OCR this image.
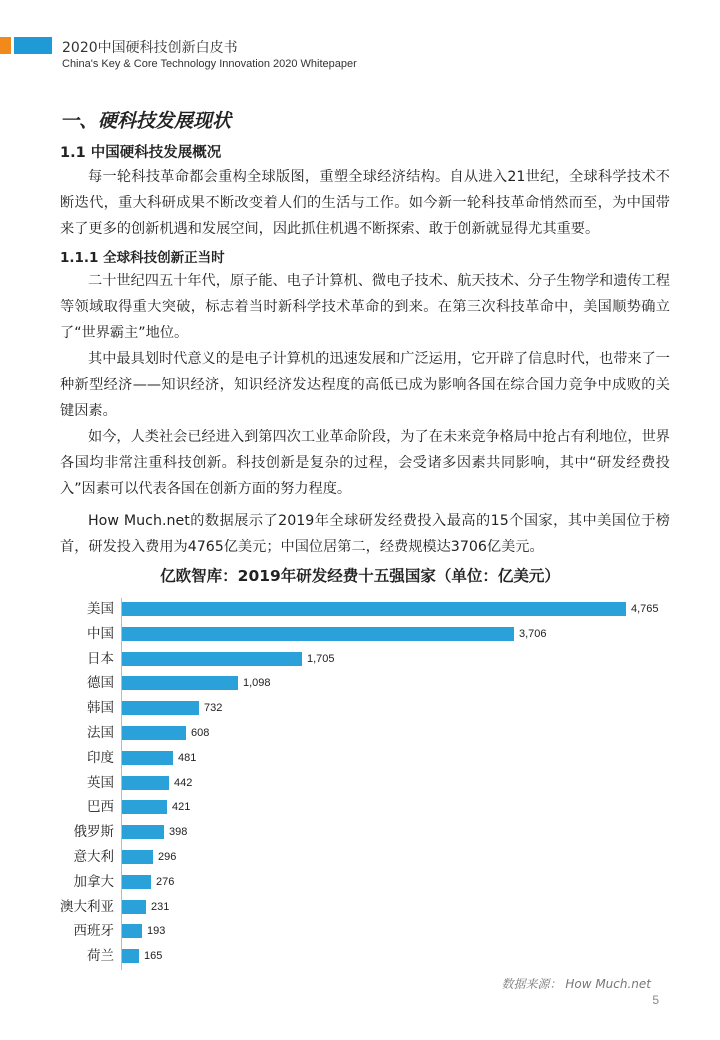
2020中国硬科技创新白皮书
China's Key & Core Technology Innovation 2020 Whitepaper
一、硬科技发展现状
1.1 中国硬科技发展概况

每一轮科技革命都会重构全球版图，重塑全球经济结构。自从进入21世纪，全球科学技术不断迭代，重大科研成果不断改变着人们的生活与工作。如今新一轮科技革命悄然而至，为中国带来了更多的创新机遇和发展空间，因此抓住机遇不断探索、敢于创新就显得尤其重要。

1.1.1 全球科技创新正当时

二十世纪四五十年代，原子能、电子计算机、微电子技术、航天技术、分子生物学和遗传工程等领域取得重大突破，标志着当时新科学技术革命的到来。在第三次科技革命中，美国顺势确立了“世界霸主”地位。

其中最具划时代意义的是电子计算机的迅速发展和广泛运用，它开辟了信息时代，也带来了一种新型经济——知识经济，知识经济发达程度的高低已成为影响各国在综合国力竞争中成败的关键因素。

如今，人类社会已经进入到第四次工业革命阶段，为了在未来竞争格局中抢占有利地位，世界各国均非常注重科技创新。科技创新是复杂的过程，会受诸多因素共同影响，其中“研发经费投入”因素可以代表各国在创新方面的努力程度。

How Much.net的数据展示了2019年全球研发经费投入最高的15个国家，其中美国位于榜首，研发投入费用为4765亿美元；中国位居第二，经费规模达3706亿美元。

亿欧智库：2019年研发经费十五强国家（单位：亿美元）
美国	4,765
中国	3,706
日本	1,705
德国	1,098
韩国	732
法国	608
印度	481
英国	442
巴西	421
俄罗斯	398
意大利	296
加拿大	276
澳大利亚	231
西班牙	193
荷兰	165
数据来源： How Much.net
5
